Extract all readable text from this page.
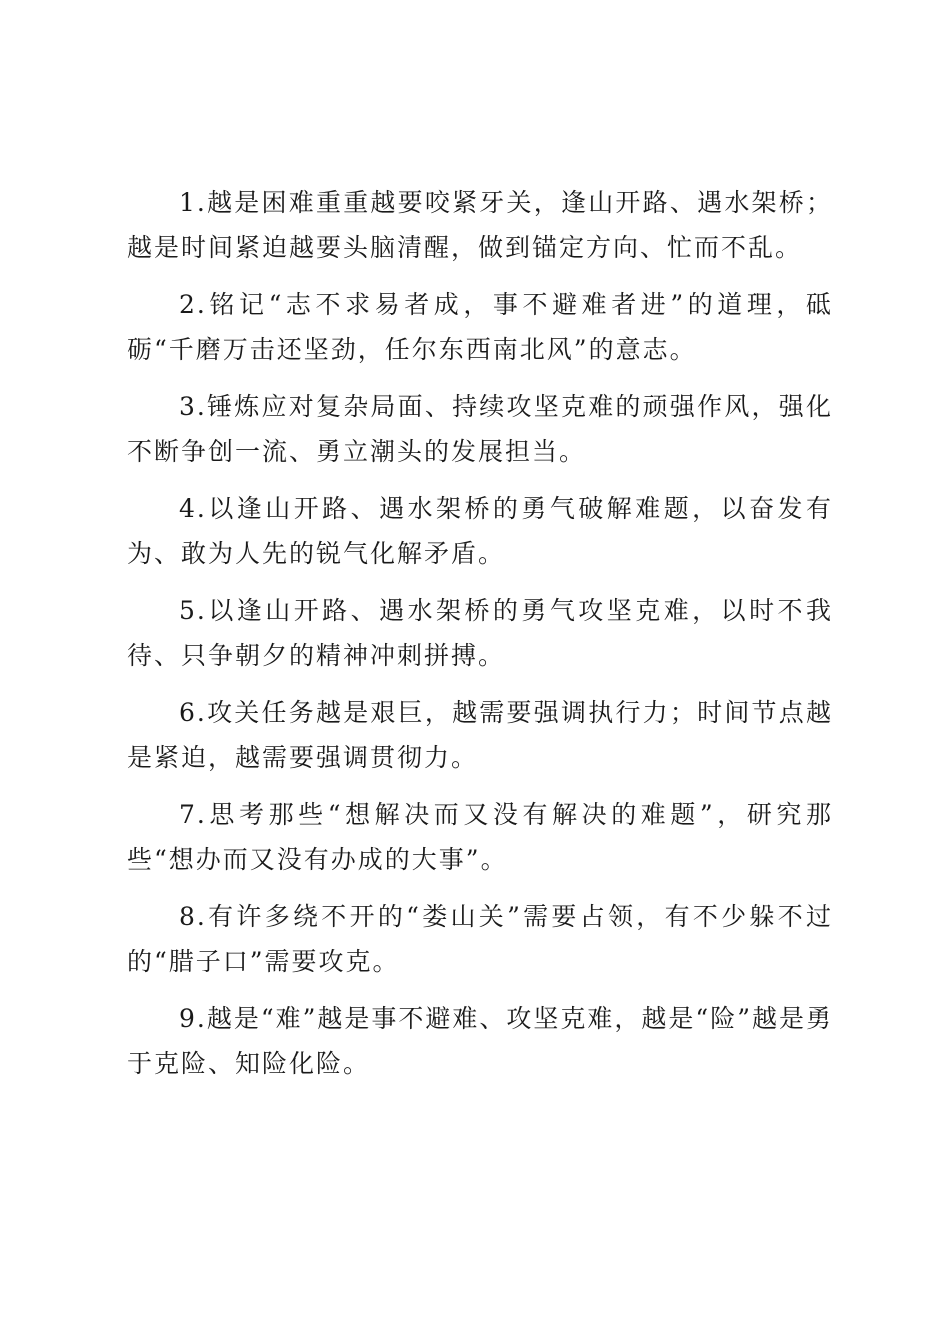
1.越是困难重重越要咬紧牙关，逢山开路、遇水架桥；越是时间紧迫越要头脑清醒，做到锚定方向、忙而不乱。

2.铭记“志不求易者成，事不避难者进”的道理，砥砺“千磨万击还坚劲，任尔东西南北风”的意志。

3.锤炼应对复杂局面、持续攻坚克难的顽强作风，强化不断争创一流、勇立潮头的发展担当。

4.以逢山开路、遇水架桥的勇气破解难题，以奋发有为、敢为人先的锐气化解矛盾。

5.以逢山开路、遇水架桥的勇气攻坚克难，以时不我待、只争朝夕的精神冲刺拼搏。

6.攻关任务越是艰巨，越需要强调执行力；时间节点越是紧迫，越需要强调贯彻力。

7.思考那些“想解决而又没有解决的难题”，研究那些“想办而又没有办成的大事”。

8.有许多绕不开的“娄山关”需要占领，有不少躲不过的“腊子口”需要攻克。

9.越是“难”越是事不避难、攻坚克难，越是“险”越是勇于克险、知险化险。
